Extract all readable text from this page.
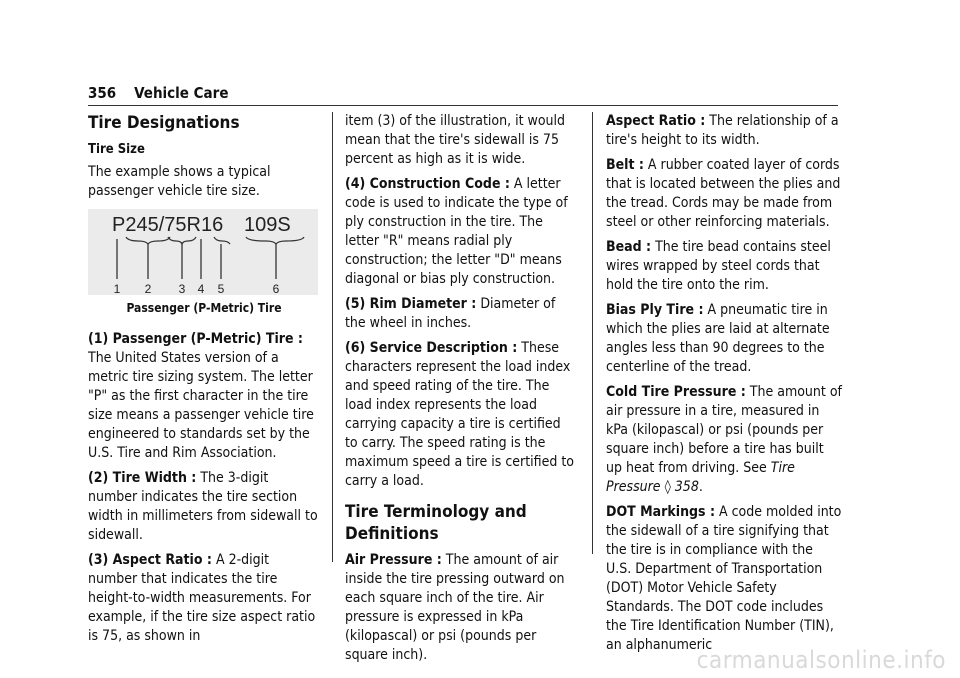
356 Vehicle Care
Tire Designations
Tire Size

The example shows a typical passenger vehicle tire size.

P245/75R16 109S
1 2 3 4 5	6
Passenger (P-Metric) Tire

(1) Passenger (P-Metric) Tire : The United States version of a metric tire sizing system. The letter "P" as the first character in the tire size means a passenger vehicle tire engineered to standards set by the U.S. Tire and Rim Association.

(2) Tire Width : The 3-digit number indicates the tire section width in millimeters from sidewall to sidewall.

(3) Aspect Ratio : A 2-digit number that indicates the tire height-to-width measurements. For example, if the tire size aspect ratio is 75, as shown in

item (3) of the illustration, it would mean that the tire's sidewall is 75 percent as high as it is wide.

(4) Construction Code : A letter code is used to indicate the type of ply construction in the tire. The letter "R" means radial ply construction; the letter "D" means diagonal or bias ply construction.

(5) Rim Diameter : Diameter of the wheel in inches.

(6) Service Description : These characters represent the load index and speed rating of the tire. The load index represents the load carrying capacity a tire is certified to carry. The speed rating is the maximum speed a tire is certified to carry a load.

Tire Terminology and Definitions

Air Pressure : The amount of air inside the tire pressing outward on each square inch of the tire. Air pressure is expressed in kPa (kilopascal) or psi (pounds per square inch).

Aspect Ratio : The relationship of a tire's height to its width.

Belt : A rubber coated layer of cords that is located between the plies and the tread. Cords may be made from steel or other reinforcing materials.

Bead : The tire bead contains steel wires wrapped by steel cords that hold the tire onto the rim.

Bias Ply Tire : A pneumatic tire in which the plies are laid at alternate angles less than 90 degrees to the centerline of the tread.

Cold Tire Pressure : The amount of air pressure in a tire, measured in kPa (kilopascal) or psi (pounds per square inch) before a tire has built up heat from driving. See Tire Pressure ◊ 358.

DOT Markings : A code molded into the sidewall of a tire signifying that the tire is in compliance with the U.S. Department of Transportation (DOT) Motor Vehicle Safety Standards. The DOT code includes the Tire Identification Number (TIN), an alphanumeric

carmanualsonline.info
